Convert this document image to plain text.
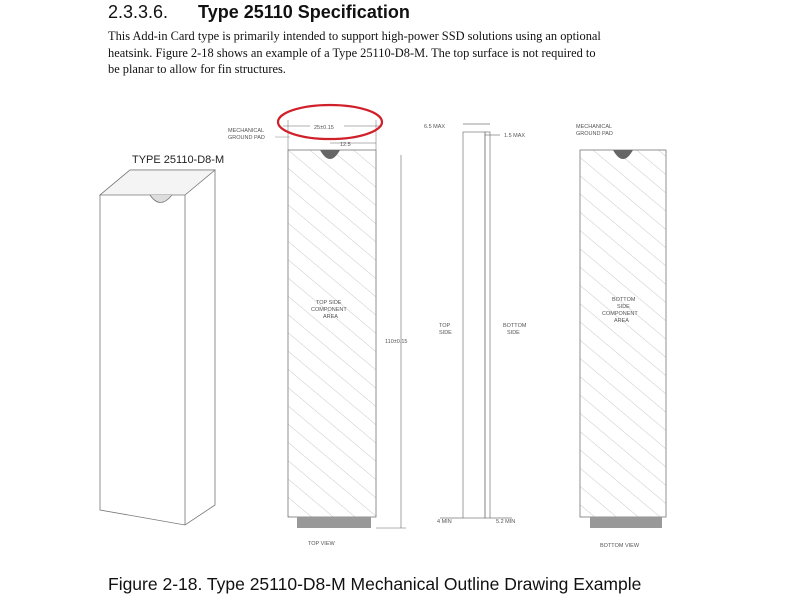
2.3.3.6. Type 25110 Specification
This Add-in Card type is primarily intended to support high-power SSD solutions using an optional
heatsink. Figure 2-18 shows an example of a Type 25110-D8-M. The top surface is not required to
be planar to allow for fin structures.
TYPE 25110-D8-M
25±0.15
12.5
MECHANICAL
GROUND PAD
TOP SIDE
COMPONENT
AREA
110±0.15
TOP VIEW
6.5 MAX
1.5 MAX
TOP
SIDE
BOTTOM
SIDE
4 MIN	5.2 MIN
MECHANICAL
GROUND PAD
BOTTOM
SIDE
COMPONENT
AREA
BOTTOM VIEW
Figure 2-18. Type 25110-D8-M Mechanical Outline Drawing Example
